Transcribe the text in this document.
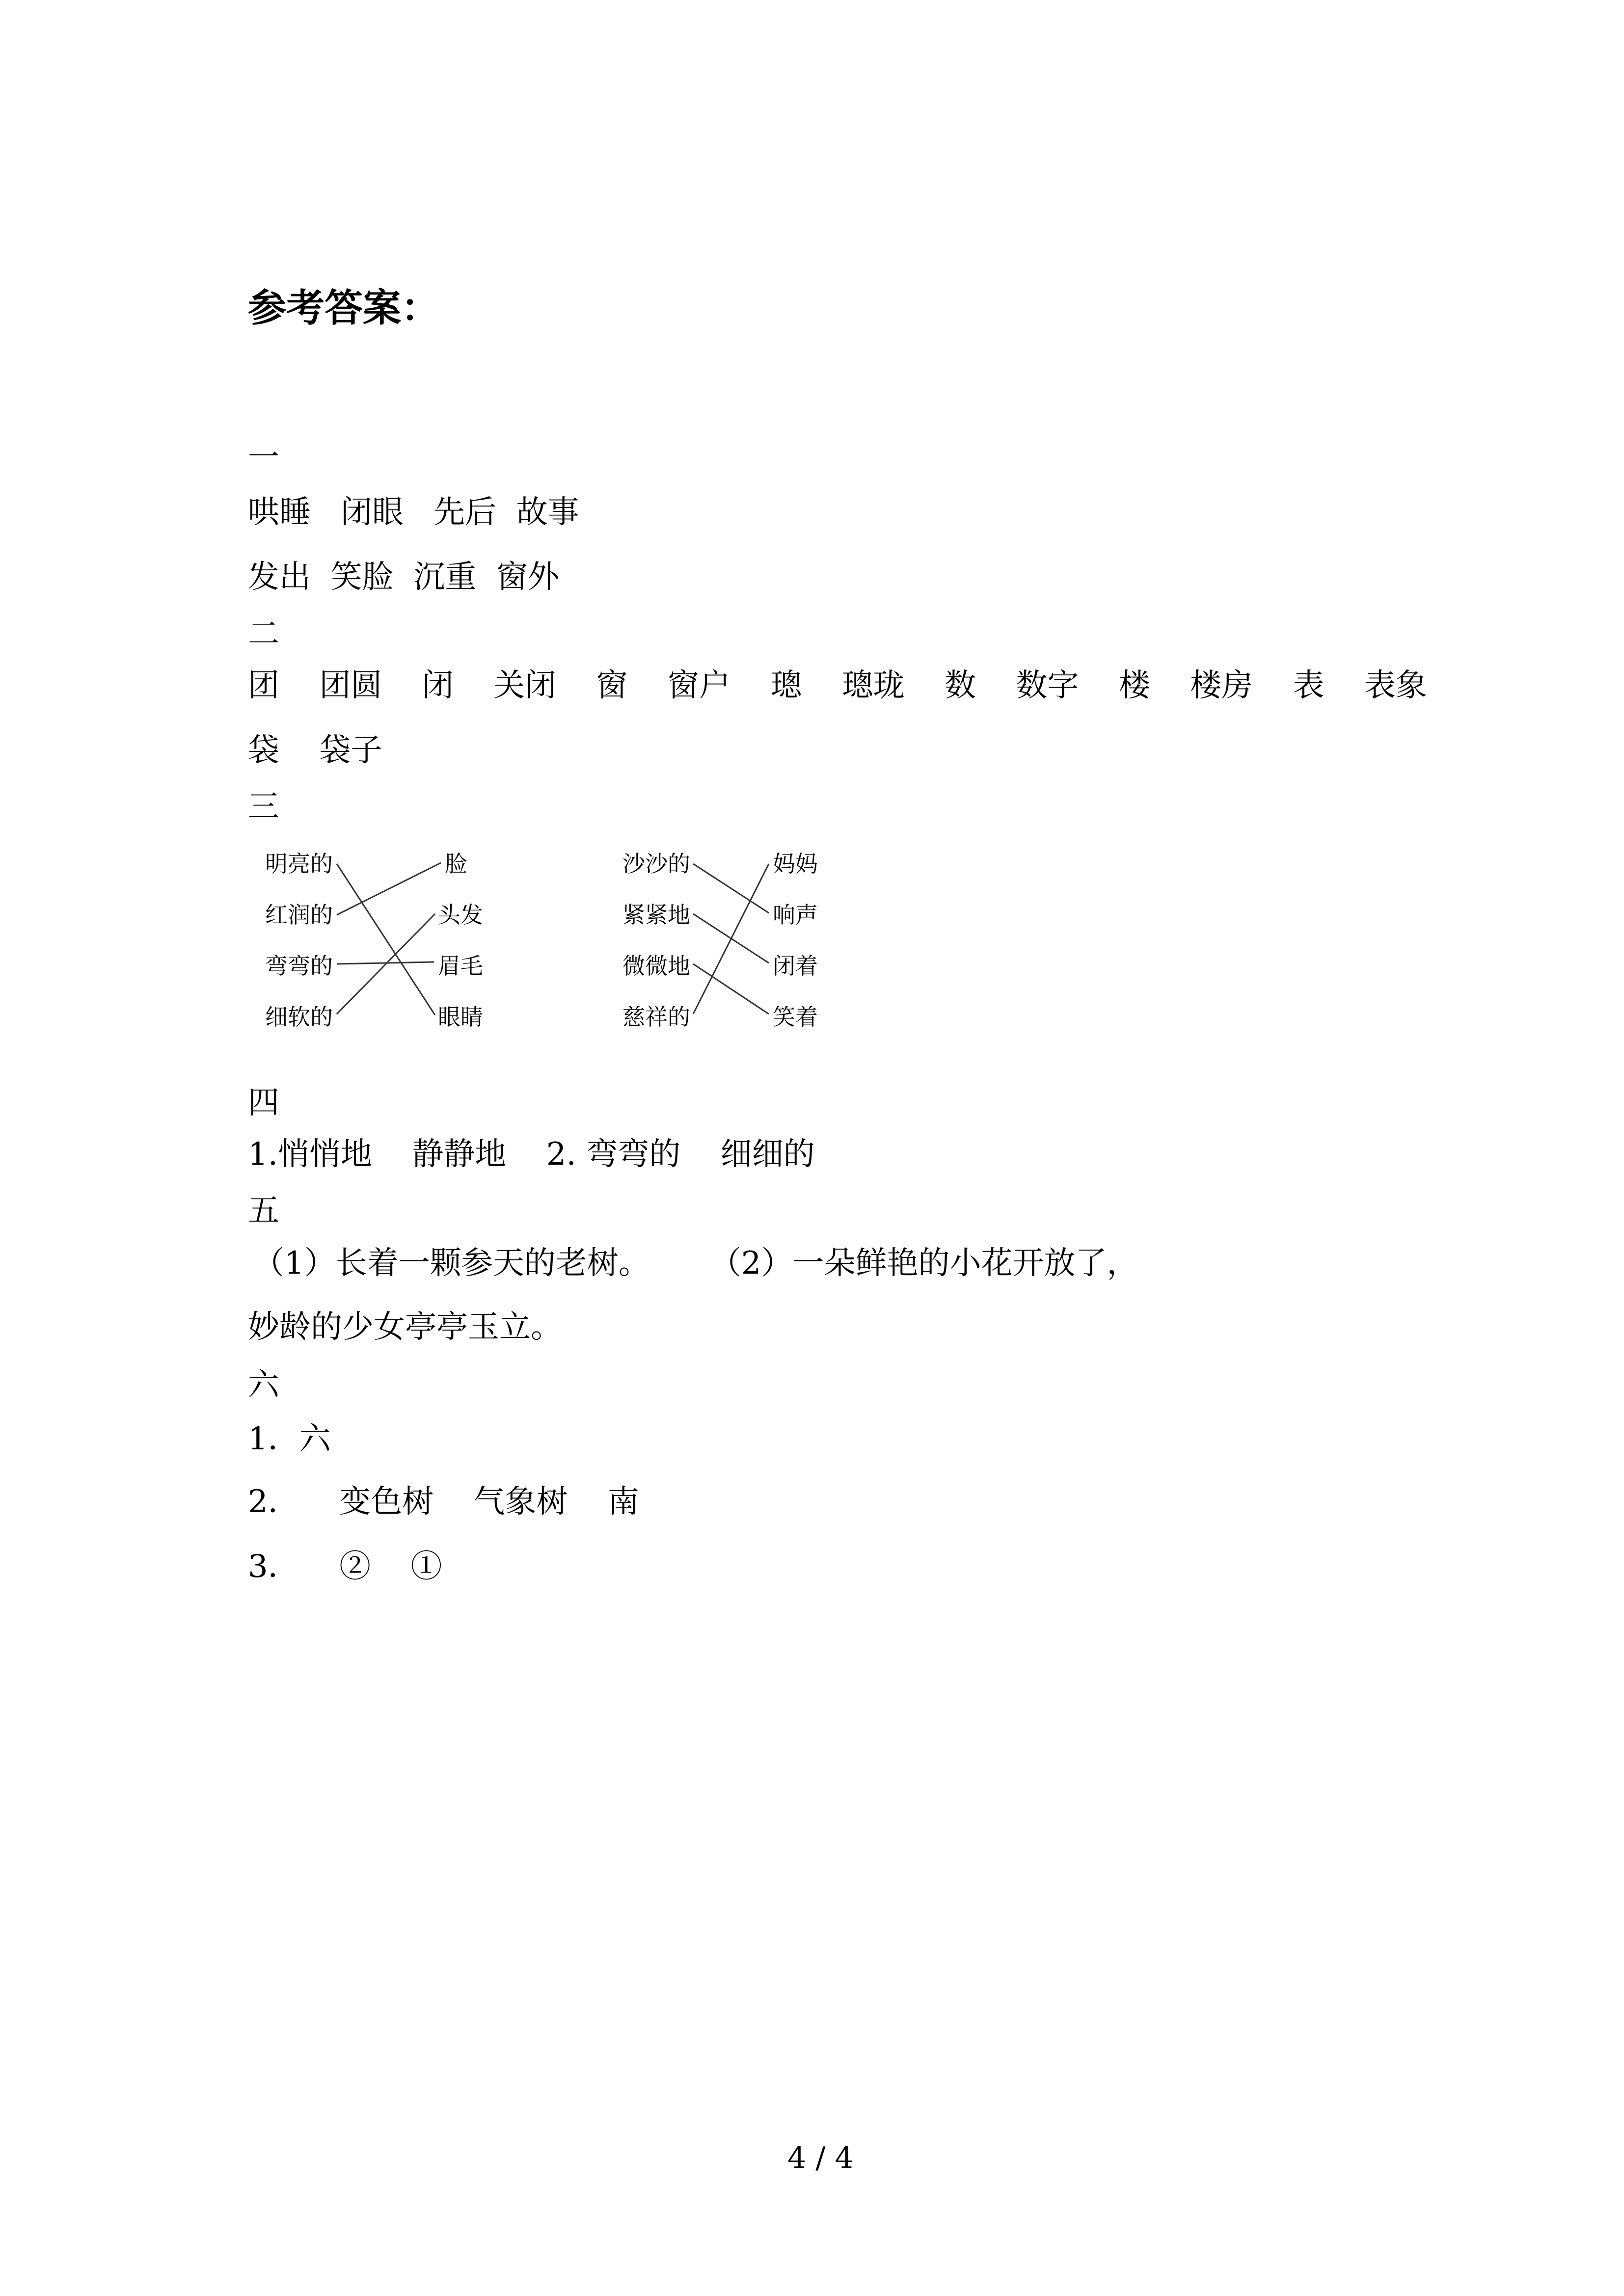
参考答案：
一
哄睡   闭眼   先后  故事
发出  笑脸  沉重  窗外
二
团    团圆    闭    关闭    窗    窗户    璁    璁珑    数    数字    楼    楼房    表    表象
袋    袋子
三
明亮的
红润的
弯弯的
细软的
脸
头发
眉毛
眼睛
沙沙的
紧紧地
微微地
慈祥的
妈妈
响声
闭着
笑着
四
1.悄悄地    静静地    2. 弯弯的    细细的
五
（1）长着一颗参天的老树。      （2）一朵鲜艳的小花开放了，
妙龄的少女亭亭玉立。
六
1．六
2．    变色树    气象树    南
3．    ②    ①
4 / 4
